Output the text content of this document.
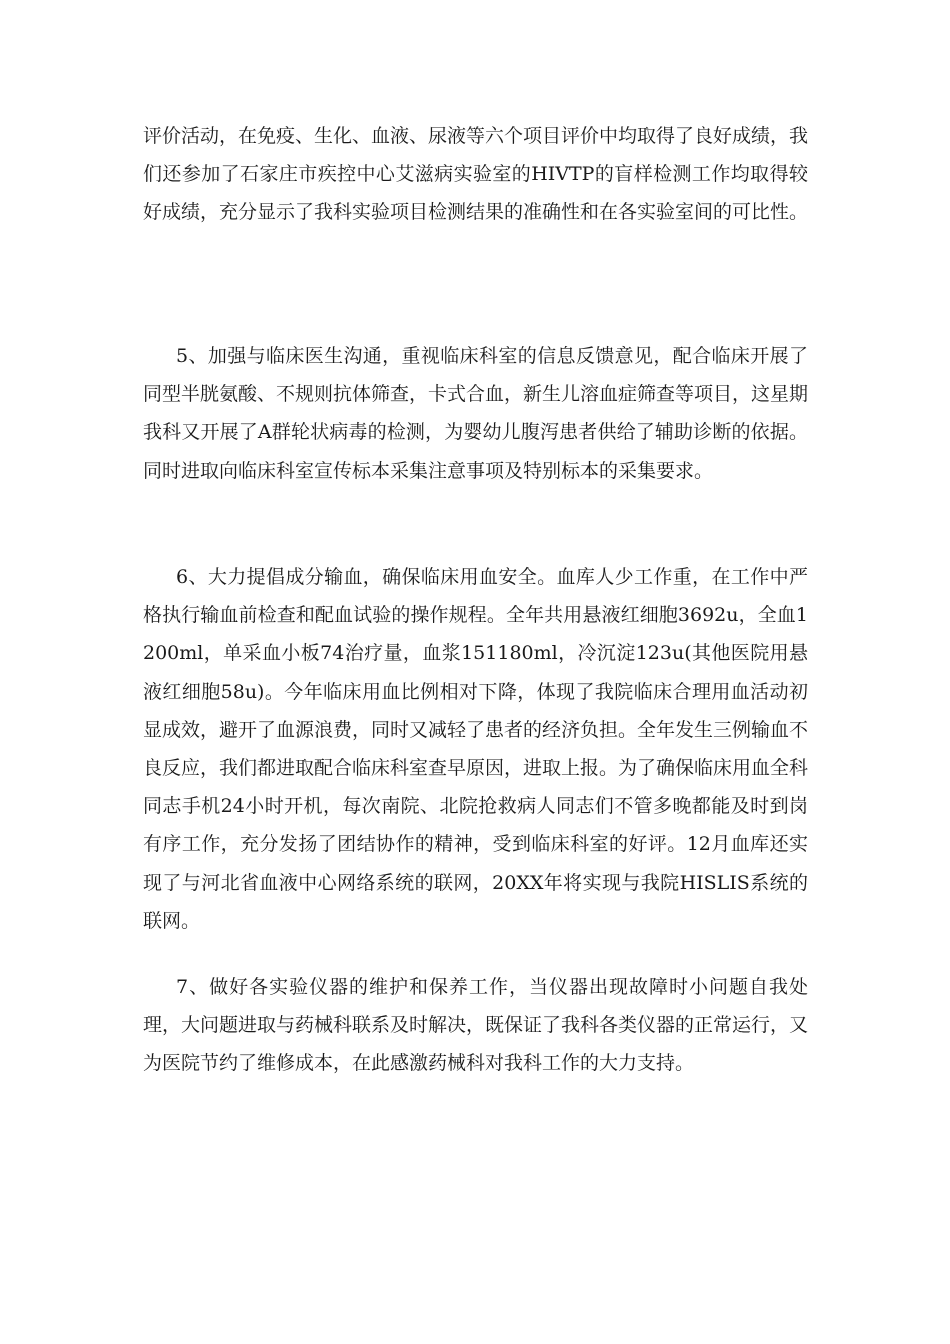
评价活动，在免疫、生化、血液、尿液等六个项目评价中均取得了良好成绩，我们还参加了石家庄市疾控中心艾滋病实验室的HIVTP的盲样检测工作均取得较好成绩，充分显示了我科实验项目检测结果的准确性和在各实验室间的可比性。

5、加强与临床医生沟通，重视临床科室的信息反馈意见，配合临床开展了同型半胱氨酸、不规则抗体筛查，卡式合血，新生儿溶血症筛查等项目，这星期我科又开展了A群轮状病毒的检测，为婴幼儿腹泻患者供给了辅助诊断的依据。同时进取向临床科室宣传标本采集注意事项及特别标本的采集要求。

6、大力提倡成分输血，确保临床用血安全。血库人少工作重，在工作中严格执行输血前检查和配血试验的操作规程。全年共用悬液红细胞3692u，全血1200ml，单采血小板74治疗量，血浆151180ml，冷沉淀123u(其他医院用悬液红细胞58u)。今年临床用血比例相对下降，体现了我院临床合理用血活动初显成效，避开了血源浪费，同时又减轻了患者的经济负担。全年发生三例输血不良反应，我们都进取配合临床科室查早原因，进取上报。为了确保临床用血全科同志手机24小时开机，每次南院、北院抢救病人同志们不管多晚都能及时到岗有序工作，充分发扬了团结协作的精神，受到临床科室的好评。12月血库还实现了与河北省血液中心网络系统的联网，20XX年将实现与我院HISLIS系统的联网。

7、做好各实验仪器的维护和保养工作，当仪器出现故障时小问题自我处理，大问题进取与药械科联系及时解决，既保证了我科各类仪器的正常运行，又为医院节约了维修成本，在此感激药械科对我科工作的大力支持。
